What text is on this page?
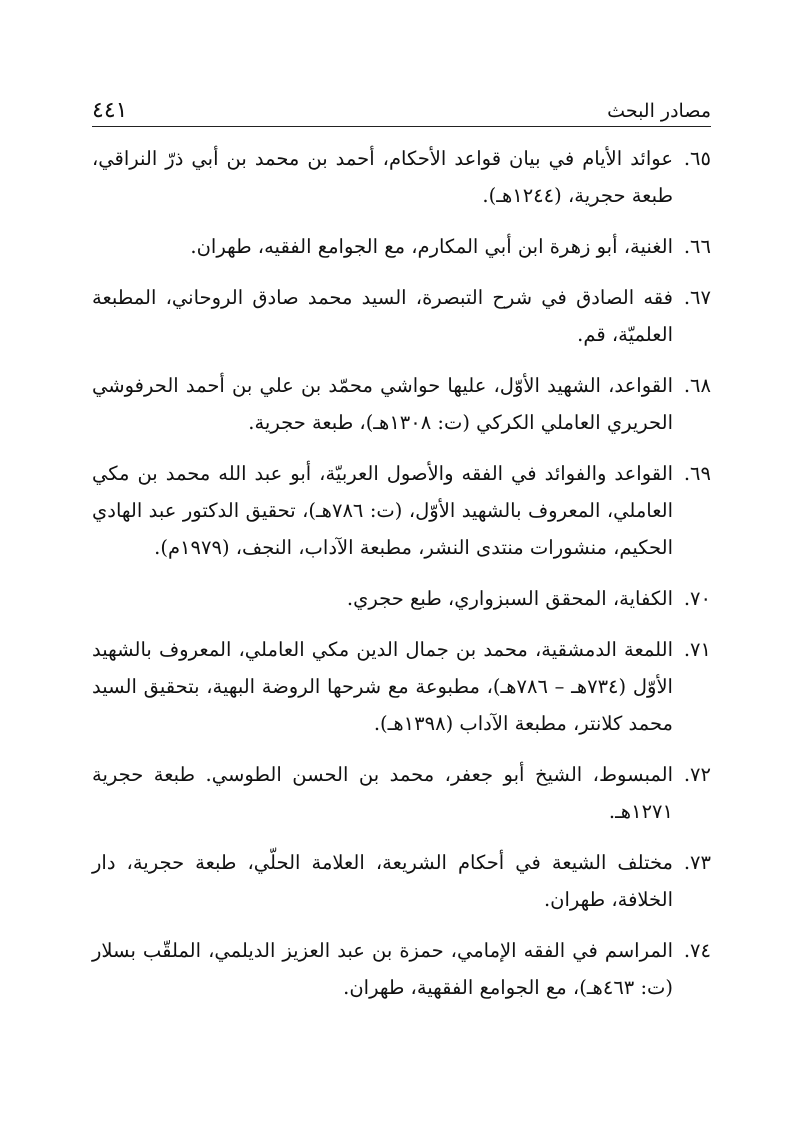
مصادر البحث
٤٤١
٦٥.
عوائد الأيام في بيان قواعد الأحكام، أحمد بن محمد بن أبي ذرّ النراقي، طبعة حجرية، (١٢٤٤هـ).
٦٦.
الغنية، أبو زهرة ابن أبي المكارم، مع الجوامع الفقيه، طهران.
٦٧.
فقه الصادق في شرح التبصرة، السيد محمد صادق الروحاني، المطبعة العلميّة، قم.
٦٨.
القواعد، الشهيد الأوّل، عليها حواشي محمّد بن علي بن أحمد الحرفوشي الحريري العاملي الكركي (ت: ١٣٠٨هـ)، طبعة حجرية.
٦٩.
القواعد والفوائد في الفقه والأصول العربيّة، أبو عبد الله محمد بن مكي العاملي، المعروف بالشهيد الأوّل، (ت: ٧٨٦هـ)، تحقيق الدكتور عبد الهادي الحكيم، منشورات منتدى النشر، مطبعة الآداب، النجف، (١٩٧٩م).
٧٠.
الكفاية، المحقق السبزواري، طبع حجري.
٧١.
اللمعة الدمشقية، محمد بن جمال الدين مكي العاملي، المعروف بالشهيد الأوّل (٧٣٤هـ – ٧٨٦هـ)، مطبوعة مع شرحها الروضة البهية، بتحقيق السيد محمد كلانتر، مطبعة الآداب (١٣٩٨هـ).
٧٢.
المبسوط، الشيخ أبو جعفر، محمد بن الحسن الطوسي. طبعة حجرية ١٢٧١هـ.
٧٣.
مختلف الشيعة في أحكام الشريعة، العلامة الحلّي، طبعة حجرية، دار الخلافة، طهران.
٧٤.
المراسم في الفقه الإمامي، حمزة بن عبد العزيز الديلمي، الملقّب بسلار (ت: ٤٦٣هـ)، مع الجوامع الفقهية، طهران.
